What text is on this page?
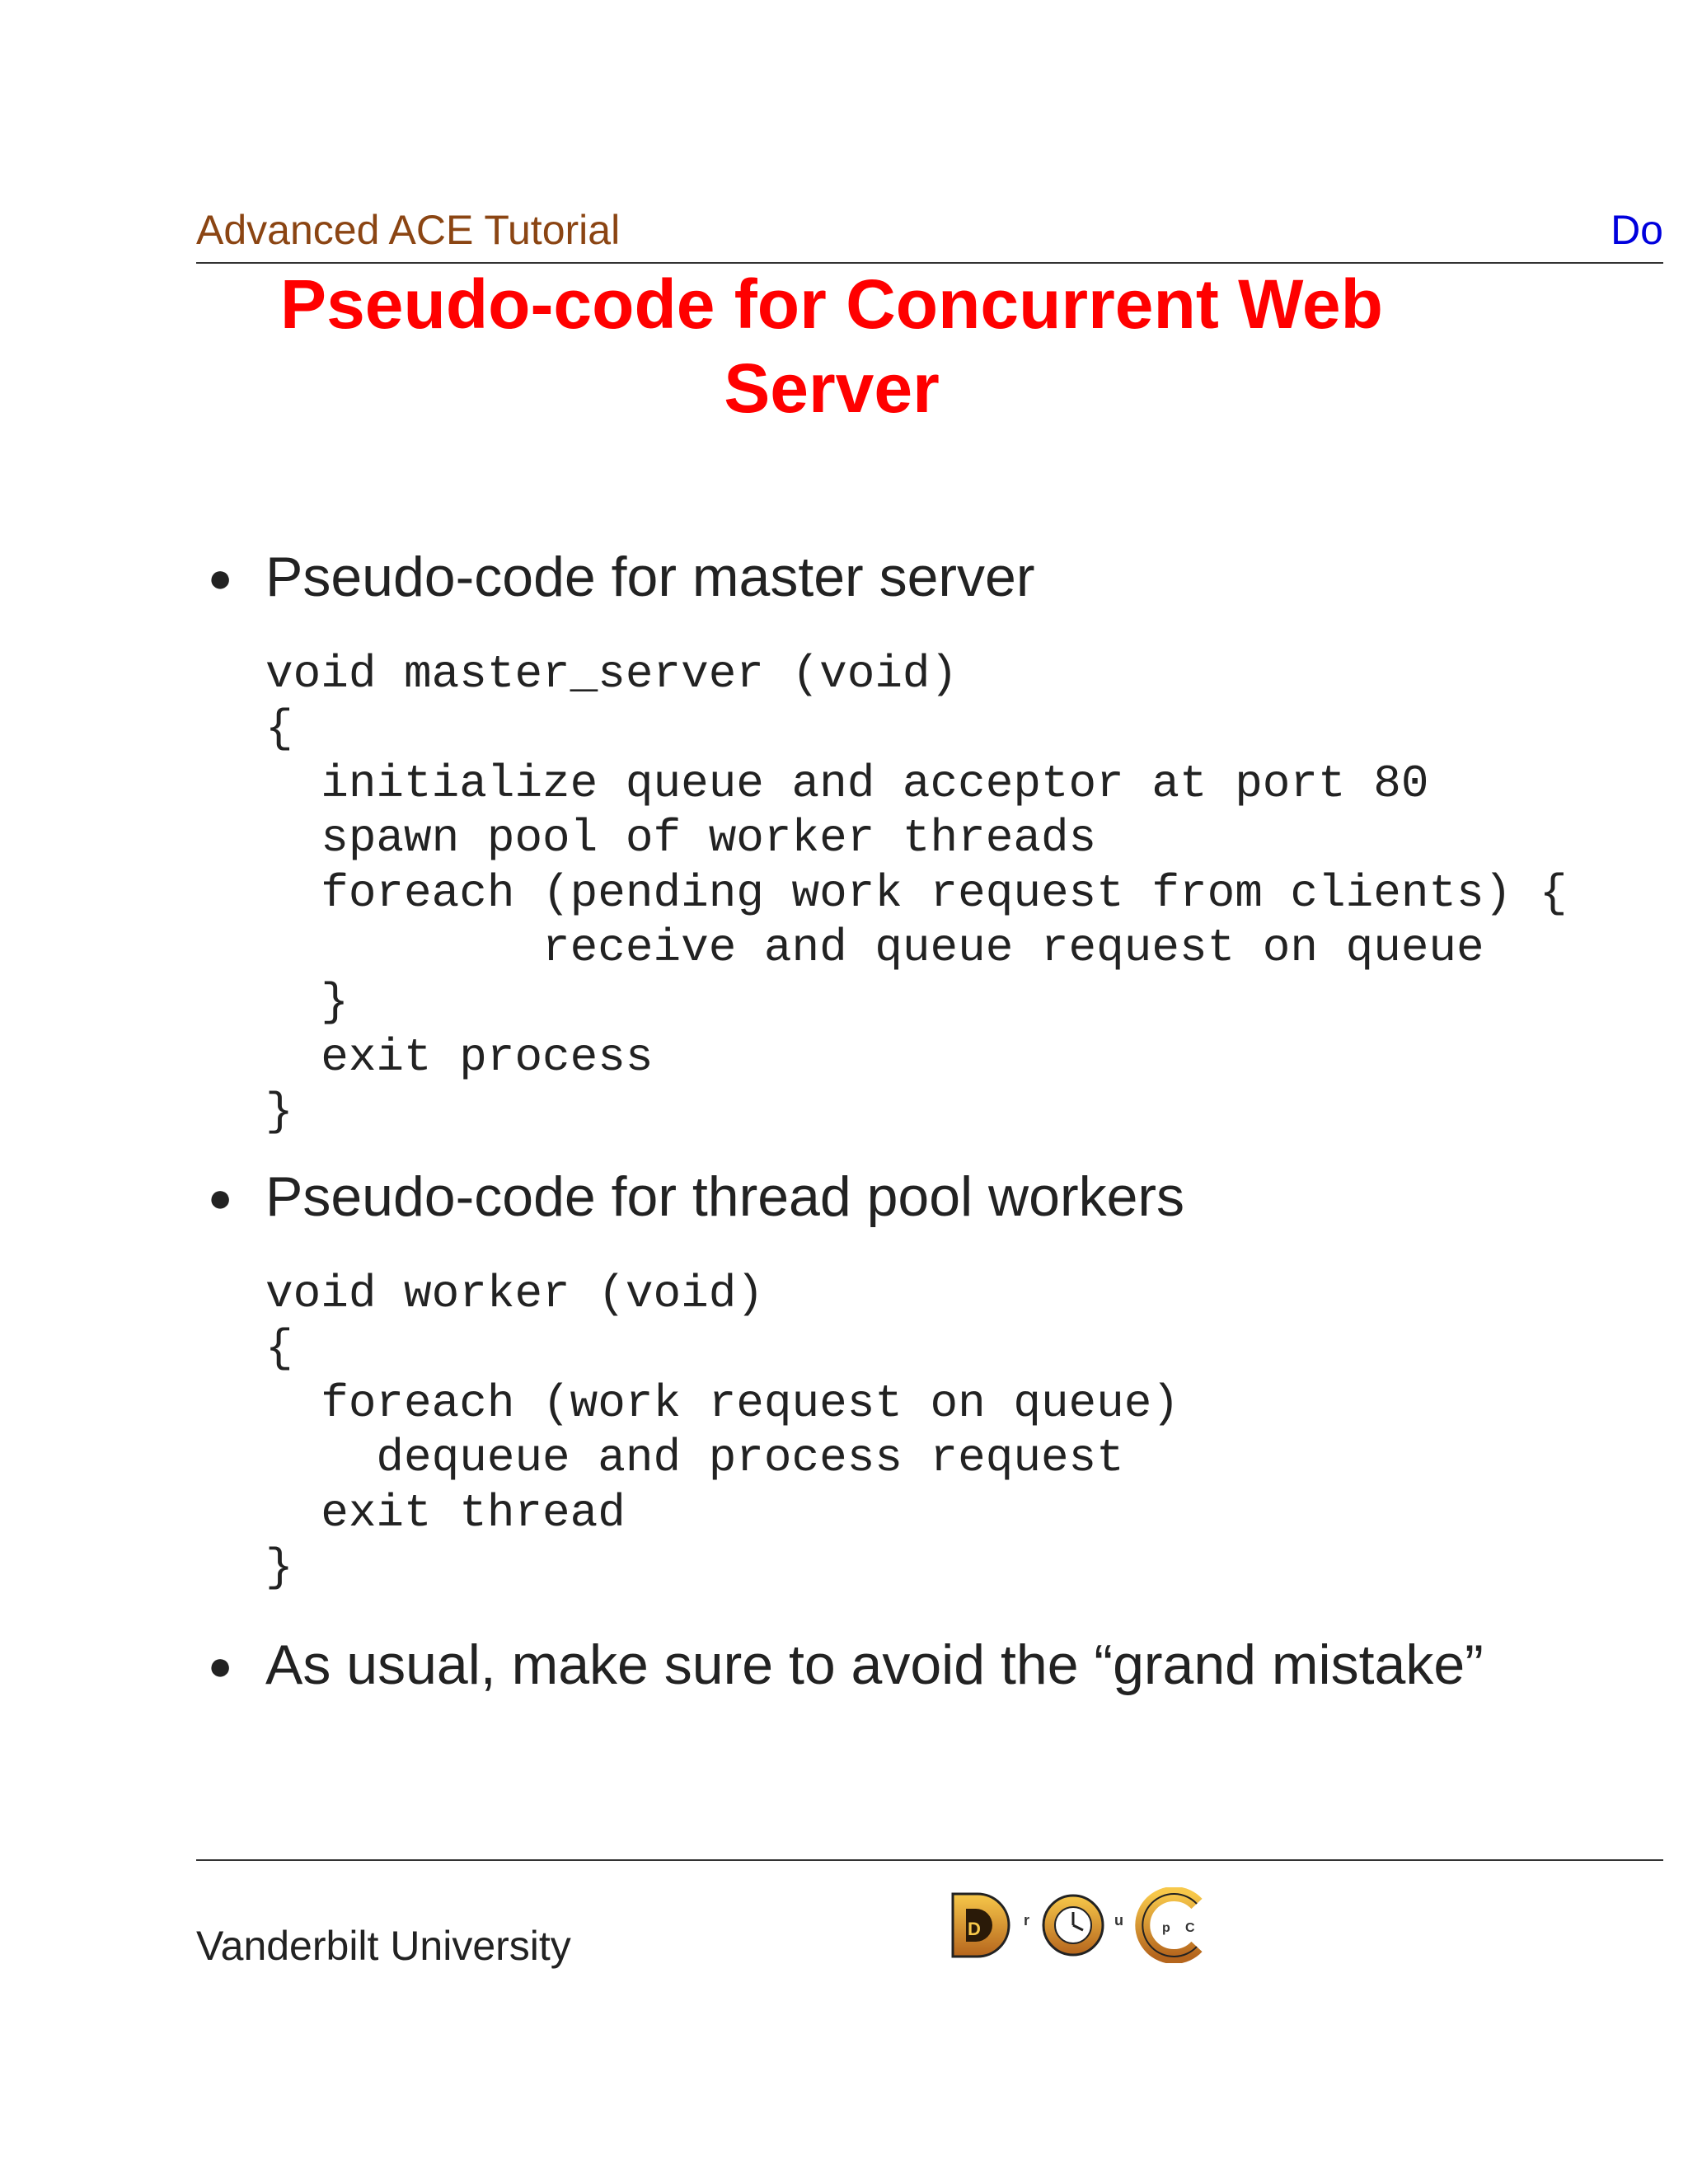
Advanced ACE Tutorial	Do
Pseudo-code for Concurrent Web
Server
● Pseudo-code for master server
void master_server (void)
{
initialize queue and acceptor at port 80
spawn pool of worker threads
foreach (pending work request from clients) {
receive and queue request on queue
}
exit process
}
● Pseudo-code for thread pool workers
void worker (void)
{
foreach (work request on queue)
dequeue and process request
exit thread
}
● As usual, make sure to avoid the “grand mistake”
Vanderbilt University	D	r	u	p C
